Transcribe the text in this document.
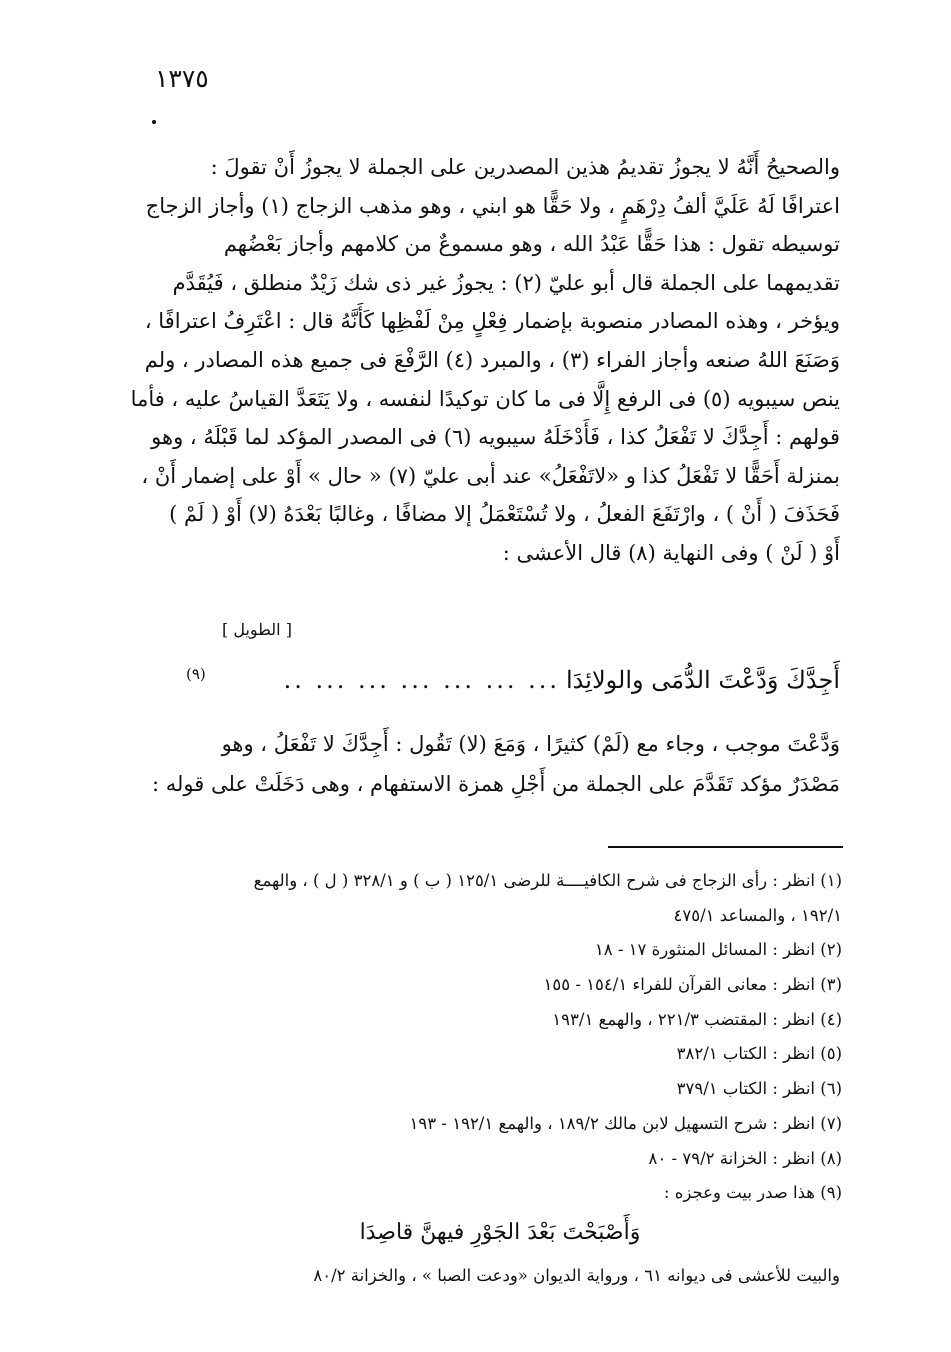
١٣٧٥
والصحيحُ أَنَّهُ لا يجوزُ تقديمُ هذين المصدرين على الجملة لا يجوزُ أَنْ تقولَ :
اعترافًا لَهُ عَلَيَّ ألفُ دِرْهَمٍ ، ولا حَقًّا هو ابني ، وهو مذهب الزجاج (١) وأجاز الزجاج
توسيطه تقول : هذا حَقًّا عَبْدُ الله ، وهو مسموعٌ من كلامهم وأجاز بَعْضُهم
تقديمهما على الجملة قال أبو عليّ (٢) : يجوزُ غير ذى شك زَيْدٌ منطلق ، فَيُقَدَّم
ويؤخر ، وهذه المصادر منصوبة بإضمار فِعْلٍ مِنْ لَفْظِها كَأَنَّهُ قال : اعْتَرِفُ اعترافًا ،
وَصَنَعَ اللهُ صنعه وأجاز الفراء (٣) ، والمبرد (٤) الرَّفْعَ فى جميع هذه المصادر ، ولم
ينص سيبويه (٥) فى الرفع إِلَّا فى ما كان توكيدًا لنفسه ، ولا يَتَعَدَّ القياسُ عليه ، فأما
قولهم : أَجِدَّكَ لا تَفْعَلُ كذا ، فَأَدْخَلَهُ سيبويه (٦) فى المصدر المؤكد لما قَبْلَهُ ، وهو
بمنزلة أَحَقًّا لا تَفْعَلُ كذا و «لاتَفْعَلُ» عند أبى عليّ (٧) « حال » أَوْ على إضمار أَنْ ،
فَحَذَفَ ( أَنْ ) ، وارْتَفَعَ الفعلُ ، ولا تُسْتَعْمَلُ إلا مضافًا ، وغالبًا بَعْدَهُ (لا) أَوْ ( لَمْ )
أَوْ ( لَنْ ) وفى النهاية (٨) قال الأعشى :
[ الطويل ]
أَجِدَّكَ وَدَّعْتَ الدُّمَى والولائِدَا
... ... ... ... ... ... ..
(٩)
وَدَّعْتَ موجب ، وجاء مع (لَمْ) كثيرًا ، وَمَعَ (لا) تَقُول : أَجِدَّكَ لا تَفْعَلُ ، وهو
مَصْدَرٌ مؤكد تَقَدَّمَ على الجملة من أَجْلِ همزة الاستفهام ، وهى دَخَلَتْ على قوله :
(١) انظر : رأى الزجاج فى شرح الكافيــــة للرضى ١٢٥/١ ( ب ) و ٣٢٨/١ ( ل ) ، والهمع
١٩٢/١ ، والمساعد ٤٧٥/١
(٢) انظر : المسائل المنثورة ١٧ - ١٨
(٣) انظر : معانى القرآن للفراء ١٥٤/١ - ١٥٥
(٤) انظر : المقتضب ٢٢١/٣ ، والهمع ١٩٣/١
(٥) انظر : الكتاب ٣٨٢/١
(٦) انظر : الكتاب ٣٧٩/١
(٧) انظر : شرح التسهيل لابن مالك ١٨٩/٢ ، والهمع ١٩٢/١ - ١٩٣
(٨) انظر : الخزانة ٧٩/٢ - ٨٠
(٩) هذا صدر بيت وعجزه :
وَأَصْبَحْتَ بَعْدَ الجَوْرِ فيهنَّ قاصِدَا
والبيت للأعشى فى ديوانه ٦١ ، ورواية الديوان «ودعت الصبا » ، والخزانة ٨٠/٢
